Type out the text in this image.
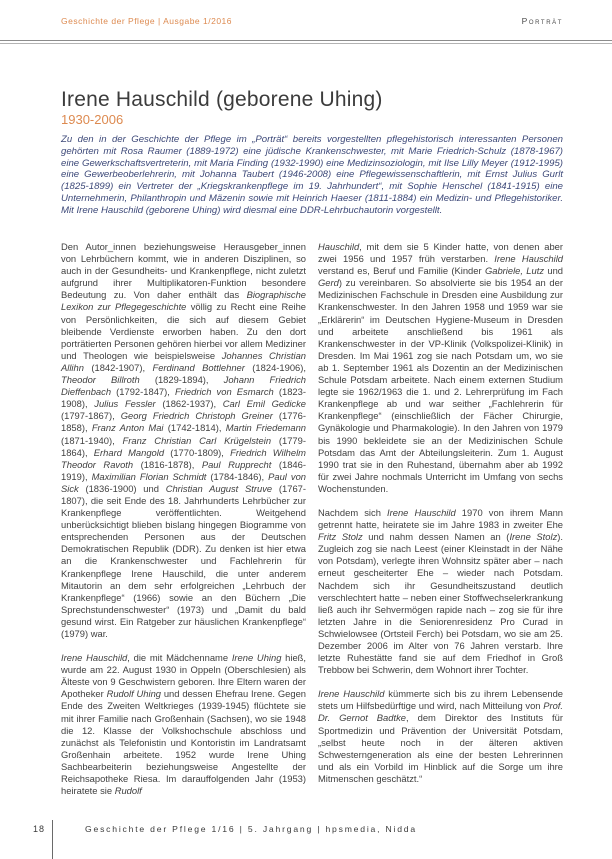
Geschichte der Pflege | Ausgabe 1/2016	Porträt
Irene Hauschild (geborene Uhing)
1930-2006
Zu den in der Geschichte der Pflege im „Porträt“ bereits vorgestellten pflegehistorisch interessanten Personen gehörten mit Rosa Raumer (1889-1972) eine jüdische Krankenschwester, mit Marie Friedrich-Schulz (1878-1967) eine Gewerkschaftsvertreterin, mit Maria Finding (1932-1990) eine Medizinsoziologin, mit Ilse Lilly Meyer (1912-1995) eine Gewerbeoberlehrerin, mit Johanna Taubert (1946-2008) eine Pflegewissenschaftlerin, mit Ernst Julius Gurlt (1825-1899) ein Vertreter der „Kriegskrankenpflege im 19. Jahrhundert“, mit Sophie Henschel (1841-1915) eine Unternehmerin, Philanthropin und Mäzenin sowie mit Heinrich Haeser (1811-1884) ein Medizin- und Pflegehistoriker. Mit Irene Hauschild (geborene Uhing) wird diesmal eine DDR-Lehrbuchautorin vorgestellt.

Den Autor_innen beziehungsweise Herausgeber_innen von Lehrbüchern kommt, wie in anderen Disziplinen, so auch in der Gesundheits- und Krankenpflege, nicht zuletzt aufgrund ihrer Multiplikatoren-Funktion besondere Bedeutung zu. Von daher enthält das Biographische Lexikon zur Pflegegeschichte völlig zu Recht eine Reihe von Persönlichkeiten, die sich auf diesem Gebiet bleibende Verdienste erworben haben. Zu den dort porträtierten Personen gehören hierbei vor allem Mediziner und Theologen wie beispielsweise Johannes Christian Allihn (1842-1907), Ferdinand Bottlehner (1824-1906), Theodor Billroth (1829-1894), Johann Friedrich Dieffenbach (1792-1847), Friedrich von Esmarch (1823-1908), Julius Fessler (1862-1937), Carl Emil Gedicke (1797-1867), Georg Friedrich Christoph Greiner (1776-1858), Franz Anton Mai (1742-1814), Martin Friedemann (1871-1940), Franz Christian Carl Krügelstein (1779-1864), Erhard Mangold (1770-1809), Friedrich Wilhelm Theodor Ravoth (1816-1878), Paul Rupprecht (1846-1919), Maximilian Florian Schmidt (1784-1846), Paul von Sick (1836-1900) und Christian August Struve (1767-1807), die seit Ende des 18. Jahrhunderts Lehrbücher zur Krankenpflege veröffentlichten. Weitgehend unberücksichtigt blieben bislang hingegen Biogramme von entsprechenden Personen aus der Deutschen Demokratischen Republik (DDR). Zu denken ist hier etwa an die Krankenschwester und Fachlehrerin für Krankenpflege Irene Hauschild, die unter anderem Mitautorin an dem sehr erfolgreichen „Lehrbuch der Krankenpflege“ (1966) sowie an den Büchern „Die Sprechstundenschwester“ (1973) und „Damit du bald gesund wirst. Ein Ratgeber zur häuslichen Krankenpflege“ (1979) war.

Irene Hauschild, die mit Mädchenname Irene Uhing hieß, wurde am 22. August 1930 in Oppeln (Oberschlesien) als Älteste von 9 Geschwistern geboren. Ihre Eltern waren der Apotheker Rudolf Uhing und dessen Ehefrau Irene. Gegen Ende des Zweiten Weltkrieges (1939-1945) flüchtete sie mit ihrer Familie nach Großenhain (Sachsen), wo sie 1948 die 12. Klasse der Volkshochschule abschloss und zunächst als Telefonistin und Kontoristin im Landratsamt Großenhain arbeitete. 1952 wurde Irene Uhing Sachbearbeiterin beziehungsweise Angestellte der Reichsapotheke Riesa. Im darauffolgenden Jahr (1953) heiratete sie Rudolf

Hauschild, mit dem sie 5 Kinder hatte, von denen aber zwei 1956 und 1957 früh verstarben. Irene Hauschild verstand es, Beruf und Familie (Kinder Gabriele, Lutz und Gerd) zu vereinbaren. So absolvierte sie bis 1954 an der Medizinischen Fachschule in Dresden eine Ausbildung zur Krankenschwester. In den Jahren 1958 und 1959 war sie „Erklärerin“ im Deutschen Hygiene-Museum in Dresden und arbeitete anschließend bis 1961 als Krankenschwester in der VP-Klinik (Volkspolizei-Klinik) in Dresden. Im Mai 1961 zog sie nach Potsdam um, wo sie ab 1. September 1961 als Dozentin an der Medizinischen Schule Potsdam arbeitete. Nach einem externen Studium legte sie 1962/1963 die 1. und 2. Lehrerprüfung im Fach Krankenpflege ab und war seither „Fachlehrerin für Krankenpflege“ (einschließlich der Fächer Chirurgie, Gynäkologie und Pharmakologie). In den Jahren von 1979 bis 1990 bekleidete sie an der Medizinischen Schule Potsdam das Amt der Abteilungsleiterin. Zum 1. August 1990 trat sie in den Ruhestand, übernahm aber ab 1992 für zwei Jahre nochmals Unterricht im Umfang von sechs Wochenstunden.

Nachdem sich Irene Hauschild 1970 von ihrem Mann getrennt hatte, heiratete sie im Jahre 1983 in zweiter Ehe Fritz Stolz und nahm dessen Namen an (Irene Stolz). Zugleich zog sie nach Leest (einer Kleinstadt in der Nähe von Potsdam), verlegte ihren Wohnsitz später aber – nach erneut gescheiterter Ehe – wieder nach Potsdam. Nachdem sich ihr Gesundheitszustand deutlich verschlechtert hatte – neben einer Stoffwechselerkrankung ließ auch ihr Sehvermögen rapide nach – zog sie für ihre letzten Jahre in die Seniorenresidenz Pro Curad in Schwielowsee (Ortsteil Ferch) bei Potsdam, wo sie am 25. Dezember 2006 im Alter von 76 Jahren verstarb. Ihre letzte Ruhestätte fand sie auf dem Friedhof in Groß Trebbow bei Schwerin, dem Wohnort ihrer Tochter.

Irene Hauschild kümmerte sich bis zu ihrem Lebensende stets um Hilfsbedürftige und wird, nach Mitteilung von Prof. Dr. Gernot Badtke, dem Direktor des Instituts für Sportmedizin und Prävention der Universität Potsdam, „selbst heute noch in der älteren aktiven Schwesterngeneration als eine der besten Lehrerinnen und als ein Vorbild im Hinblick auf die Sorge um ihre Mitmenschen geschätzt.“

18	Geschichte der Pflege 1/16 | 5. Jahrgang | hpsmedia, Nidda
